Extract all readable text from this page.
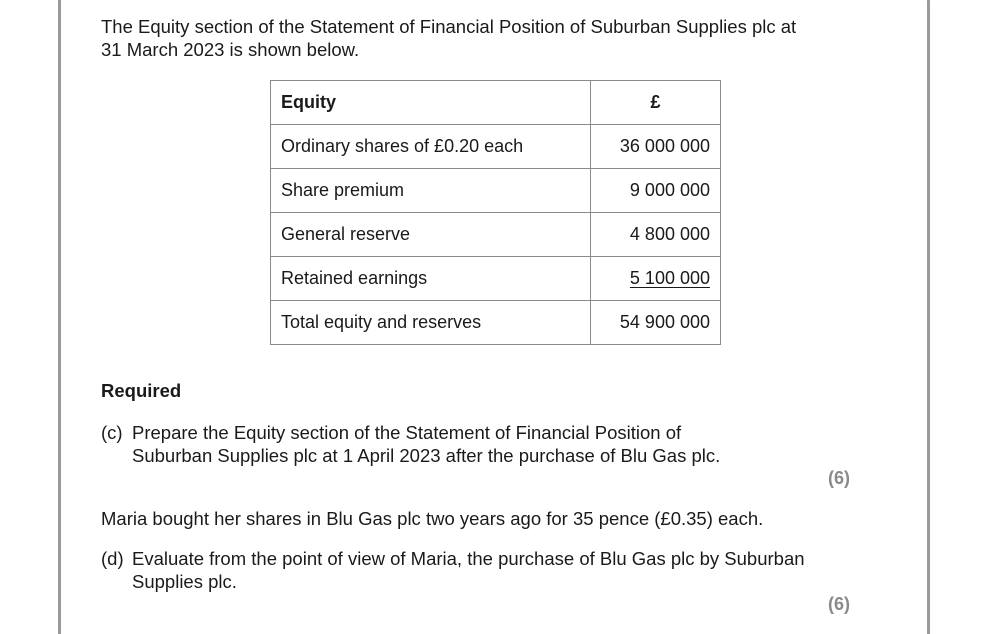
The Equity section of the Statement of Financial Position of Suburban Supplies plc at
31 March 2023 is shown below.
Equity	£
Ordinary shares of £0.20 each	36 000 000
Share premium	9 000 000
General reserve	4 800 000
Retained earnings	5 100 000
Total equity and reserves	54 900 000
Required
(c) Prepare the Equity section of the Statement of Financial Position of
Suburban Supplies plc at 1 April 2023 after the purchase of Blu Gas plc.
(6)
Maria bought her shares in Blu Gas plc two years ago for 35 pence (£0.35) each.
(d) Evaluate from the point of view of Maria, the purchase of Blu Gas plc by Suburban
Supplies plc.
(6)
